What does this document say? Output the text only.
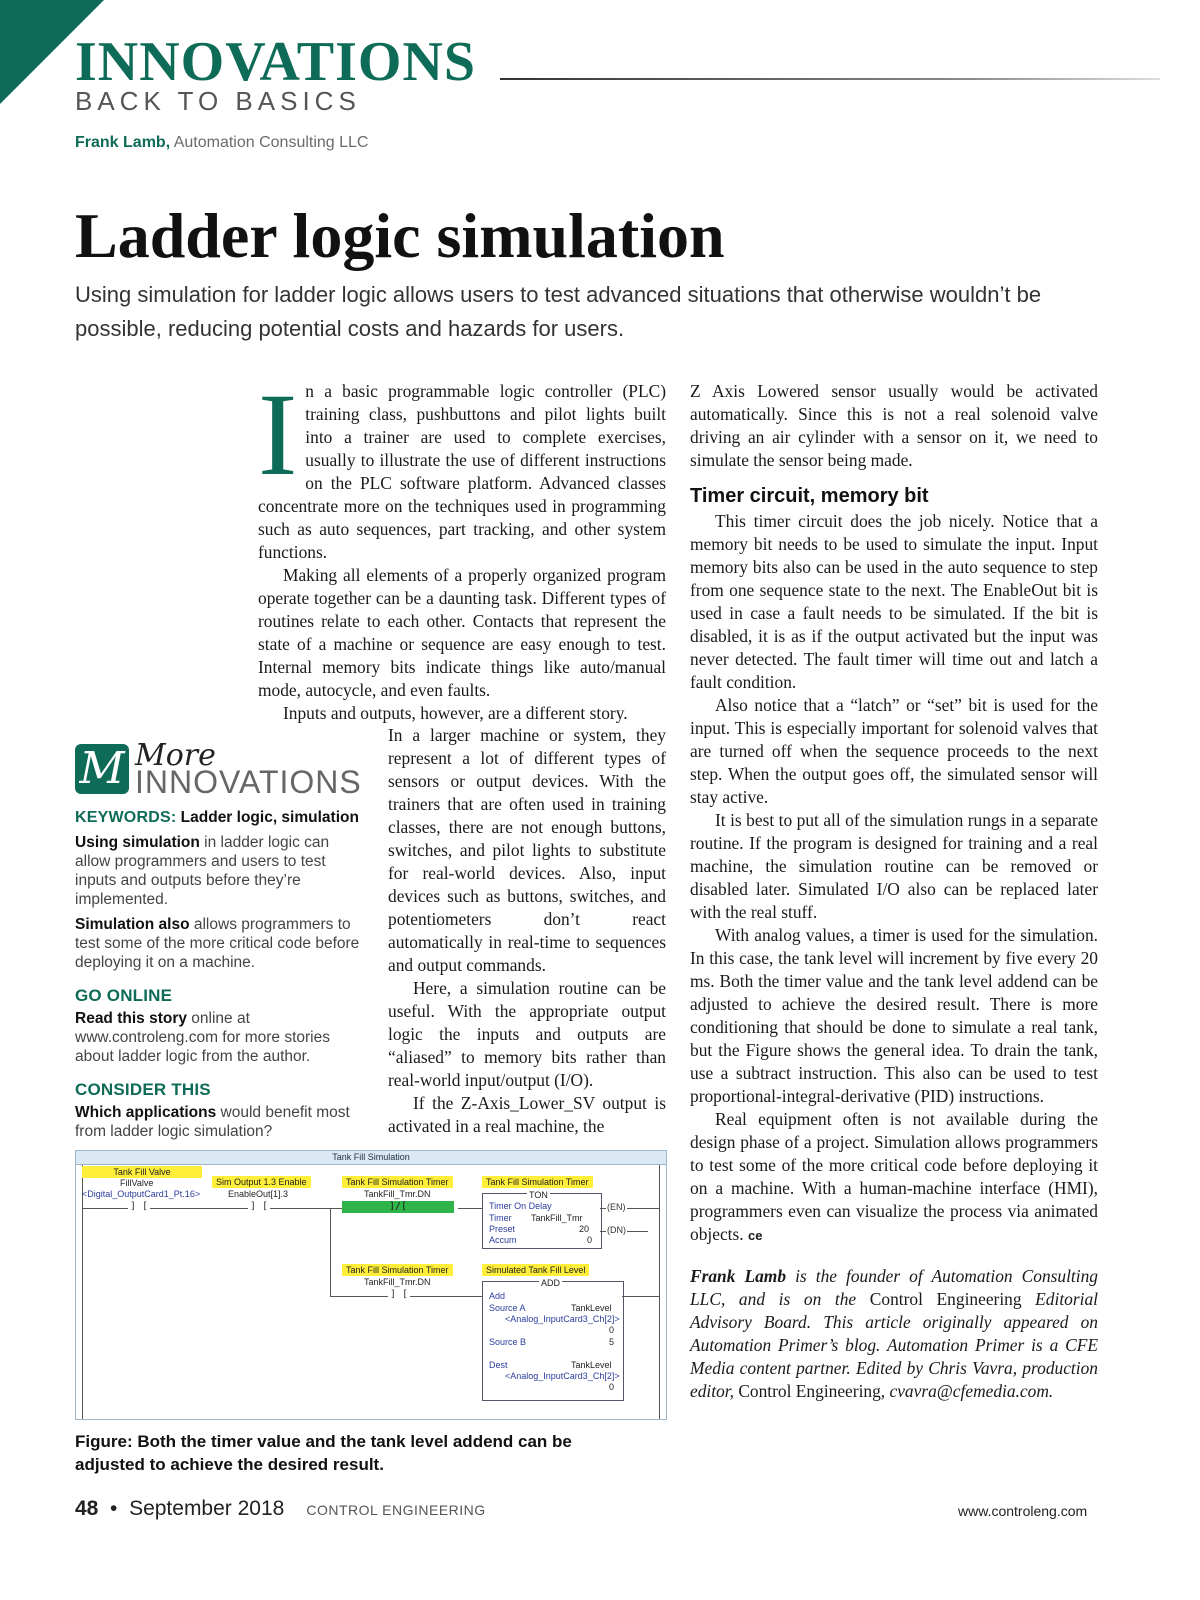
INNOVATIONS
BACK TO BASICS
Frank Lamb, Automation Consulting LLC
Ladder logic simulation
Using simulation for ladder logic allows users to test advanced situations that otherwise wouldn’t be possible, reducing potential costs and hazards for users.
I n a basic programmable logic controller (PLC) training class, pushbuttons and pilot lights built into a trainer are used to complete exercises, usually to illustrate the use of different instructions on the PLC software platform. Advanced classes concentrate more on the techniques used in programming such as auto sequences, part tracking, and other system functions.

Making all elements of a properly organized program operate together can be a daunting task. Different types of routines relate to each other. Contacts that represent the state of a machine or sequence are easy enough to test. Internal memory bits indicate things like auto/manual mode, autocycle, and even faults.

Inputs and outputs, however, are a different story.

In a larger machine or system, they represent a lot of different types of sensors or output devices. With the trainers that are often used in training classes, there are not enough buttons, switches, and pilot lights to substitute for real-world devices. Also, input devices such as buttons, switches, and potentiometers don’t react automatically in real-time to sequences and output commands.

Here, a simulation routine can be useful. With the appropriate output logic the inputs and outputs are “aliased” to memory bits rather than real-world input/output (I/O).

If the Z-Axis_Lower_SV output is activated in a real machine, the

Z Axis Lowered sensor usually would be activated automatically. Since this is not a real solenoid valve driving an air cylinder with a sensor on it, we need to simulate the sensor being made.

Timer circuit, memory bit

This timer circuit does the job nicely. Notice that a memory bit needs to be used to simulate the input. Input memory bits also can be used in the auto sequence to step from one sequence state to the next. The EnableOut bit is used in case a fault needs to be simulated. If the bit is disabled, it is as if the output activated but the input was never detected. The fault timer will time out and latch a fault condition.

Also notice that a “latch” or “set” bit is used for the input. This is especially important for solenoid valves that are turned off when the sequence proceeds to the next step. When the output goes off, the simulated sensor will stay active.

It is best to put all of the simulation rungs in a separate routine. If the program is designed for training and a real machine, the simulation routine can be removed or disabled later. Simulated I/O also can be replaced later with the real stuff.

With analog values, a timer is used for the simulation. In this case, the tank level will increment by five every 20 ms. Both the timer value and the tank level addend can be adjusted to achieve the desired result. There is more conditioning that should be done to simulate a real tank, but the Figure shows the general idea. To drain the tank, use a subtract instruction. This also can be used to test proportional-integral-derivative (PID) instructions.

Real equipment often is not available during the design phase of a project. Simulation allows programmers to test some of the more critical code before deploying it on a machine. With a human-machine interface (HMI), programmers even can visualize the process via animated objects. ce

Frank Lamb is the founder of Automation Consulting LLC, and is on the Control Engineering Editorial Advisory Board. This article originally appeared on Automation Primer’s blog. Automation Primer is a CFE Media content partner. Edited by Chris Vavra, production editor, Control Engineering, cvavra@cfemedia.com.

M More
INNOVATIONS

KEYWORDS: Ladder logic, simulation

Using simulation in ladder logic can allow programmers and users to test inputs and outputs before they’re implemented.

Simulation also allows programmers to test some of the more critical code before deploying it on a machine.

GO ONLINE

Read this story online at www.controleng.com for more stories about ladder logic from the author.

CONSIDER THIS

Which applications would benefit most from ladder logic simulation?

Tank Fill Simulation
Tank Fill Valve
FillValve
<Digital_OutputCard1_Pt.16>
] [
Sim Output 1.3 Enable
EnableOut[1].3
] [
Tank Fill Simulation Timer
TankFill_Tmr.DN
]/[
Tank Fill Simulation Timer
TON
Timer On Delay
Timer TankFill_Tmr
Preset	20
Accum	0
(EN)
(DN)
Tank Fill Simulation Timer
TankFill_Tmr.DN
] [
Simulated Tank Fill Level
ADD
Add
Source A	TankLevel
<Analog_InputCard3_Ch[2]>
0
Source B	5
Dest	TankLevel
<Analog_InputCard3_Ch[2]>
0
Figure: Both the timer value and the tank level addend can be adjusted to achieve the desired result.
48 • September 2018 CONTROL ENGINEERING	www.controleng.com
